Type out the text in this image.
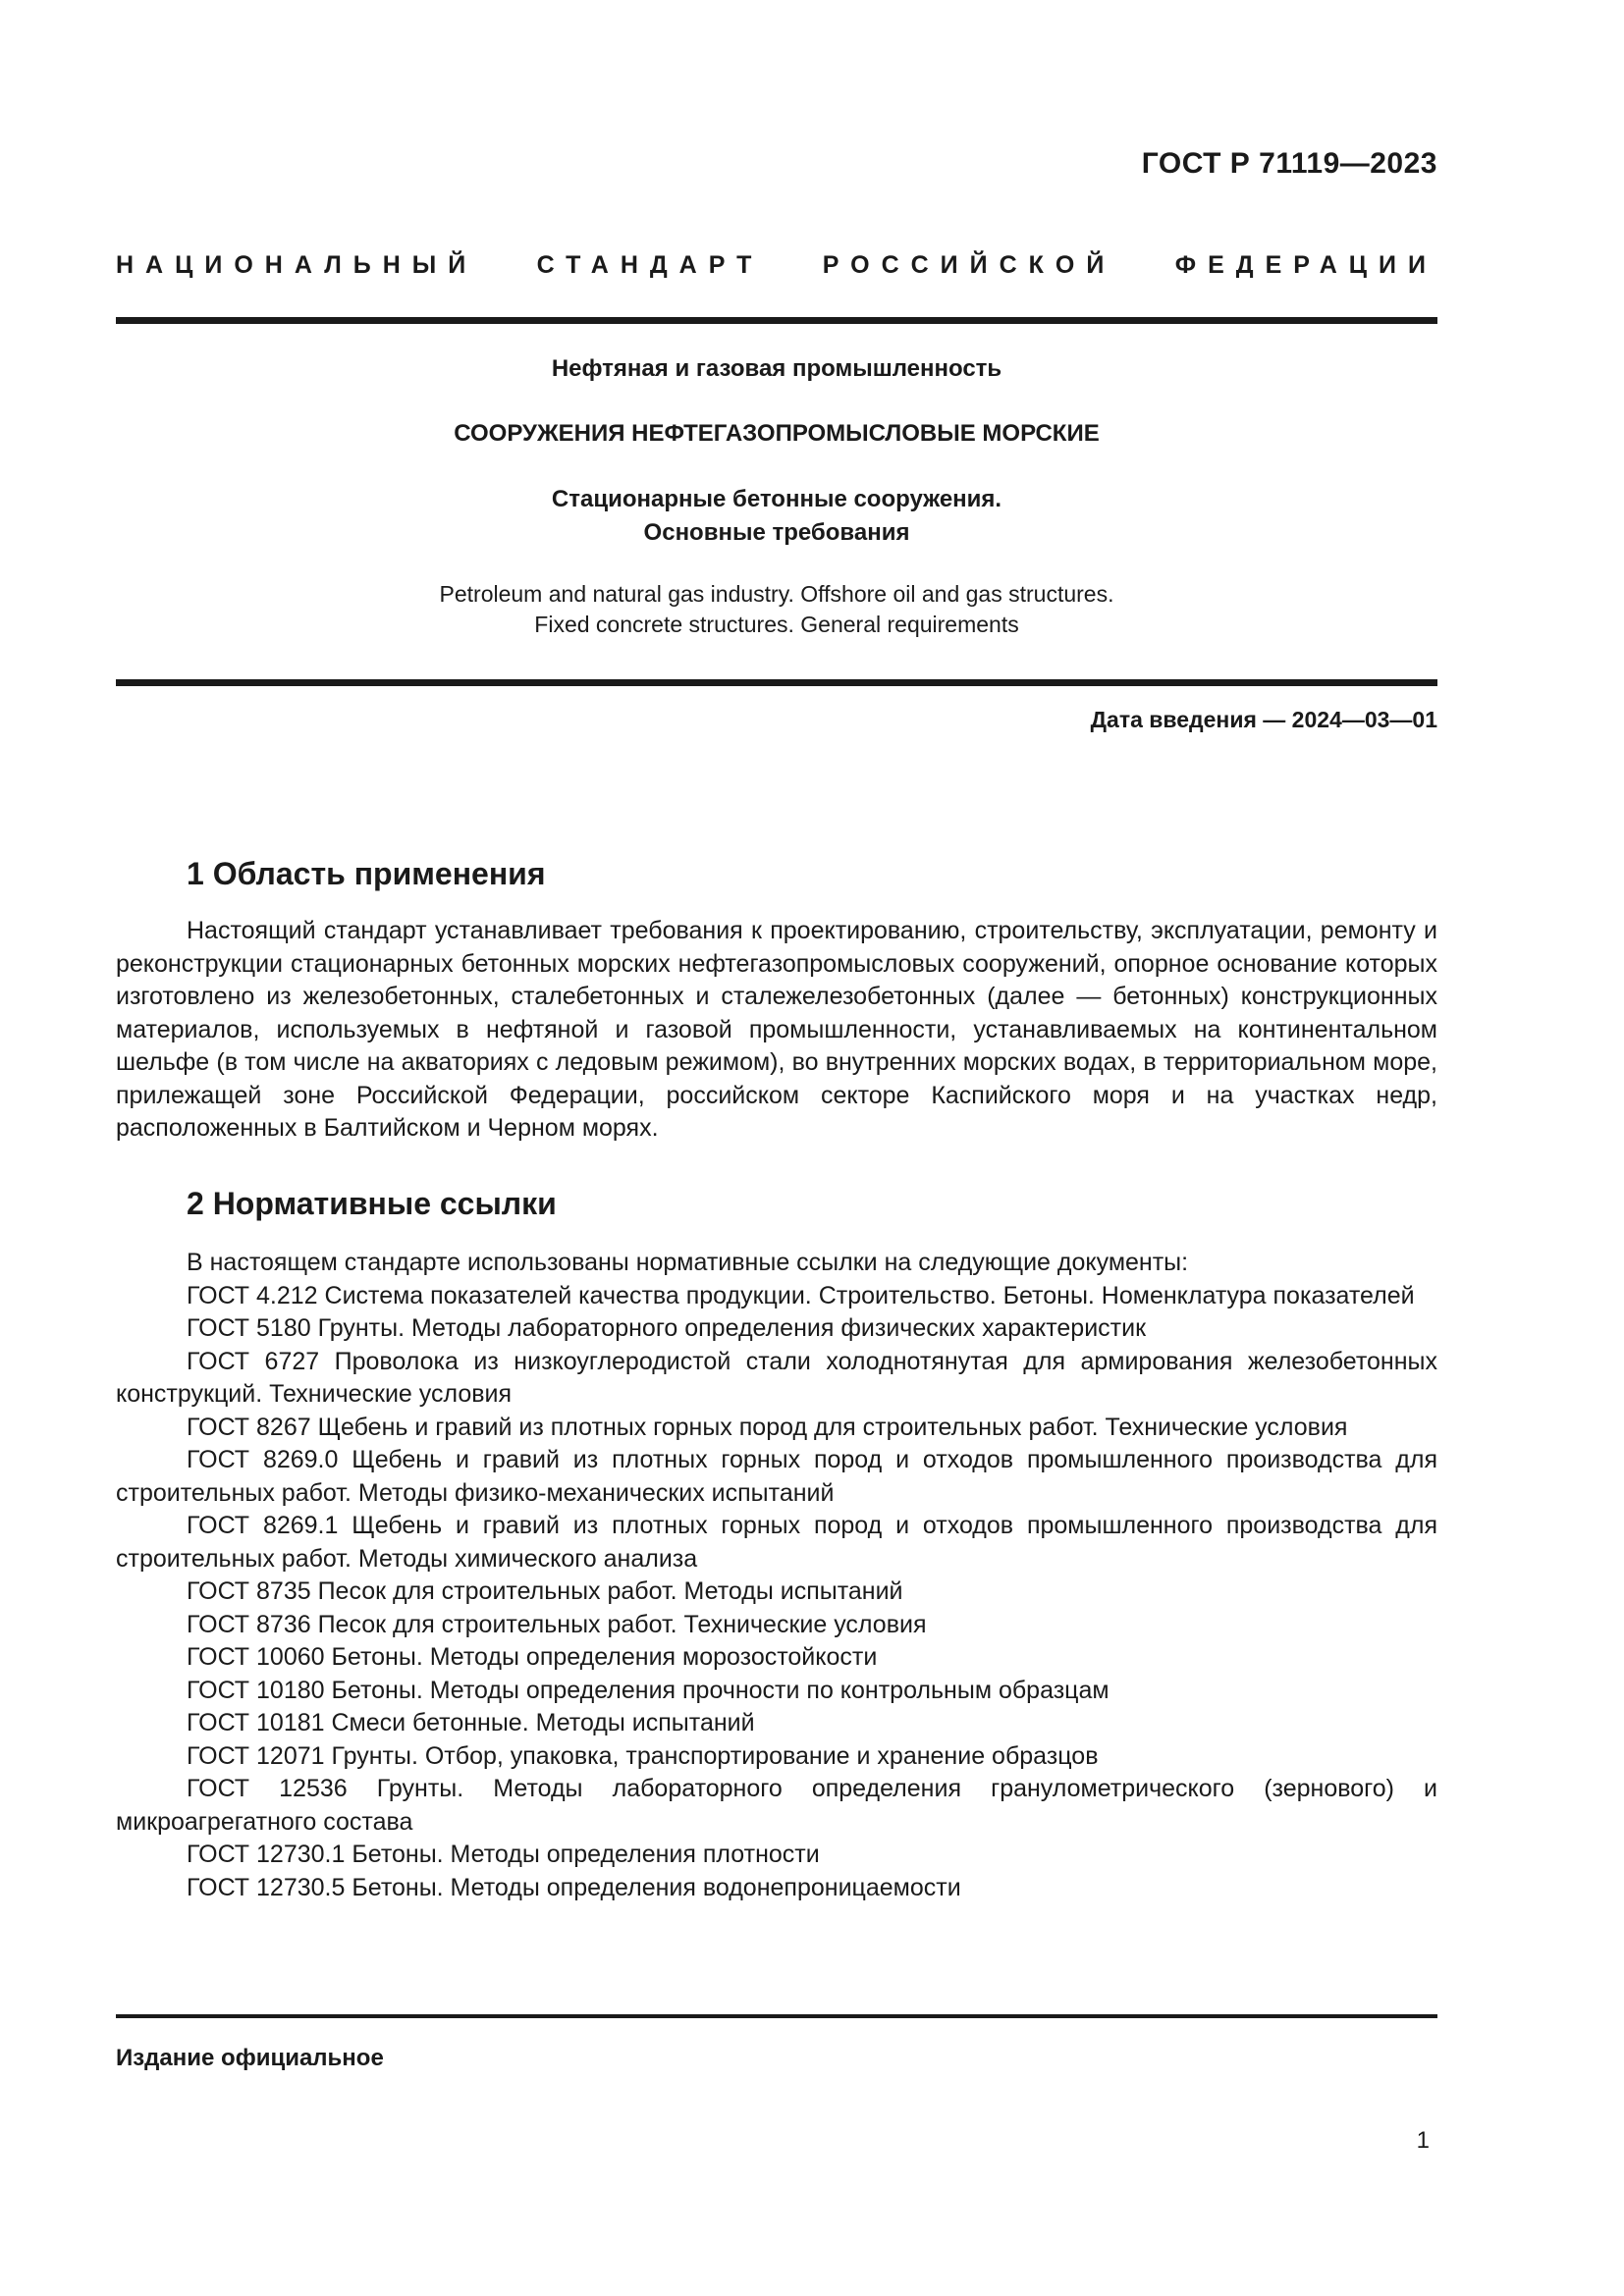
ГОСТ Р 71119—2023
НАЦИОНАЛЬНЫЙ СТАНДАРТ РОССИЙСКОЙ ФЕДЕРАЦИИ
Нефтяная и газовая промышленность
СООРУЖЕНИЯ НЕФТЕГАЗОПРОМЫСЛОВЫЕ МОРСКИЕ
Стационарные бетонные сооружения.
Основные требования
Petroleum and natural gas industry. Offshore oil and gas structures.
Fixed concrete structures. General requirements
Дата введения — 2024—03—01
1 Область применения

Настоящий стандарт устанавливает требования к проектированию, строительству, эксплуатации, ремонту и реконструкции стационарных бетонных морских нефтегазопромысловых сооружений, опорное основание которых изготовлено из железобетонных, сталебетонных и сталежелезобетонных (далее — бетонных) конструкционных материалов, используемых в нефтяной и газовой промышленности, устанавливаемых на континентальном шельфе (в том числе на акваториях с ледовым режимом), во внутренних морских водах, в территориальном море, прилежащей зоне Российской Федерации, российском секторе Каспийского моря и на участках недр, расположенных в Балтийском и Черном морях.

2 Нормативные ссылки

В настоящем стандарте использованы нормативные ссылки на следующие документы:

ГОСТ 4.212 Система показателей качества продукции. Строительство. Бетоны. Номенклатура показателей

ГОСТ 5180 Грунты. Методы лабораторного определения физических характеристик

ГОСТ 6727 Проволока из низкоуглеродистой стали холоднотянутая для армирования железобетонных конструкций. Технические условия

ГОСТ 8267 Щебень и гравий из плотных горных пород для строительных работ. Технические условия

ГОСТ 8269.0 Щебень и гравий из плотных горных пород и отходов промышленного производства для строительных работ. Методы физико-механических испытаний

ГОСТ 8269.1 Щебень и гравий из плотных горных пород и отходов промышленного производства для строительных работ. Методы химического анализа

ГОСТ 8735 Песок для строительных работ. Методы испытаний

ГОСТ 8736 Песок для строительных работ. Технические условия

ГОСТ 10060 Бетоны. Методы определения морозостойкости

ГОСТ 10180 Бетоны. Методы определения прочности по контрольным образцам

ГОСТ 10181 Смеси бетонные. Методы испытаний

ГОСТ 12071 Грунты. Отбор, упаковка, транспортирование и хранение образцов

ГОСТ 12536 Грунты. Методы лабораторного определения гранулометрического (зернового) и микроагрегатного состава

ГОСТ 12730.1 Бетоны. Методы определения плотности

ГОСТ 12730.5 Бетоны. Методы определения водонепроницаемости

Издание официальное
1
